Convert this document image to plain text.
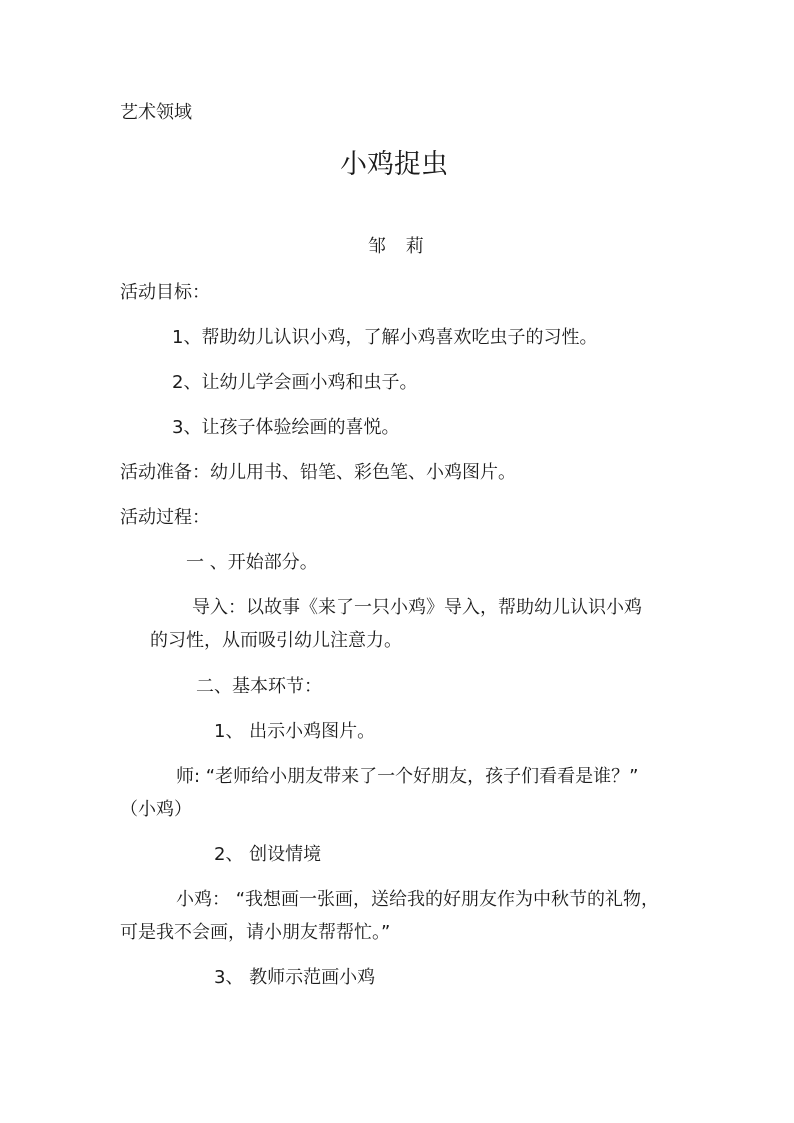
艺术领域
小鸡捉虫
邹 莉
活动目标：
1、帮助幼儿认识小鸡，了解小鸡喜欢吃虫子的习性。
2、让幼儿学会画小鸡和虫子。
3、让孩子体验绘画的喜悦。
活动准备：幼儿用书、铅笔、彩色笔、小鸡图片。
活动过程：
一 、开始部分。
导入：以故事《来了一只小鸡》导入，帮助幼儿认识小鸡
的习性，从而吸引幼儿注意力。
二、基本环节：
1、 出示小鸡图片。
师: “老师给小朋友带来了一个好朋友，孩子们看看是谁？”
（小鸡）
2、 创设情境
小鸡： “我想画一张画，送给我的好朋友作为中秋节的礼物，
可是我不会画，请小朋友帮帮忙。”
3、 教师示范画小鸡
